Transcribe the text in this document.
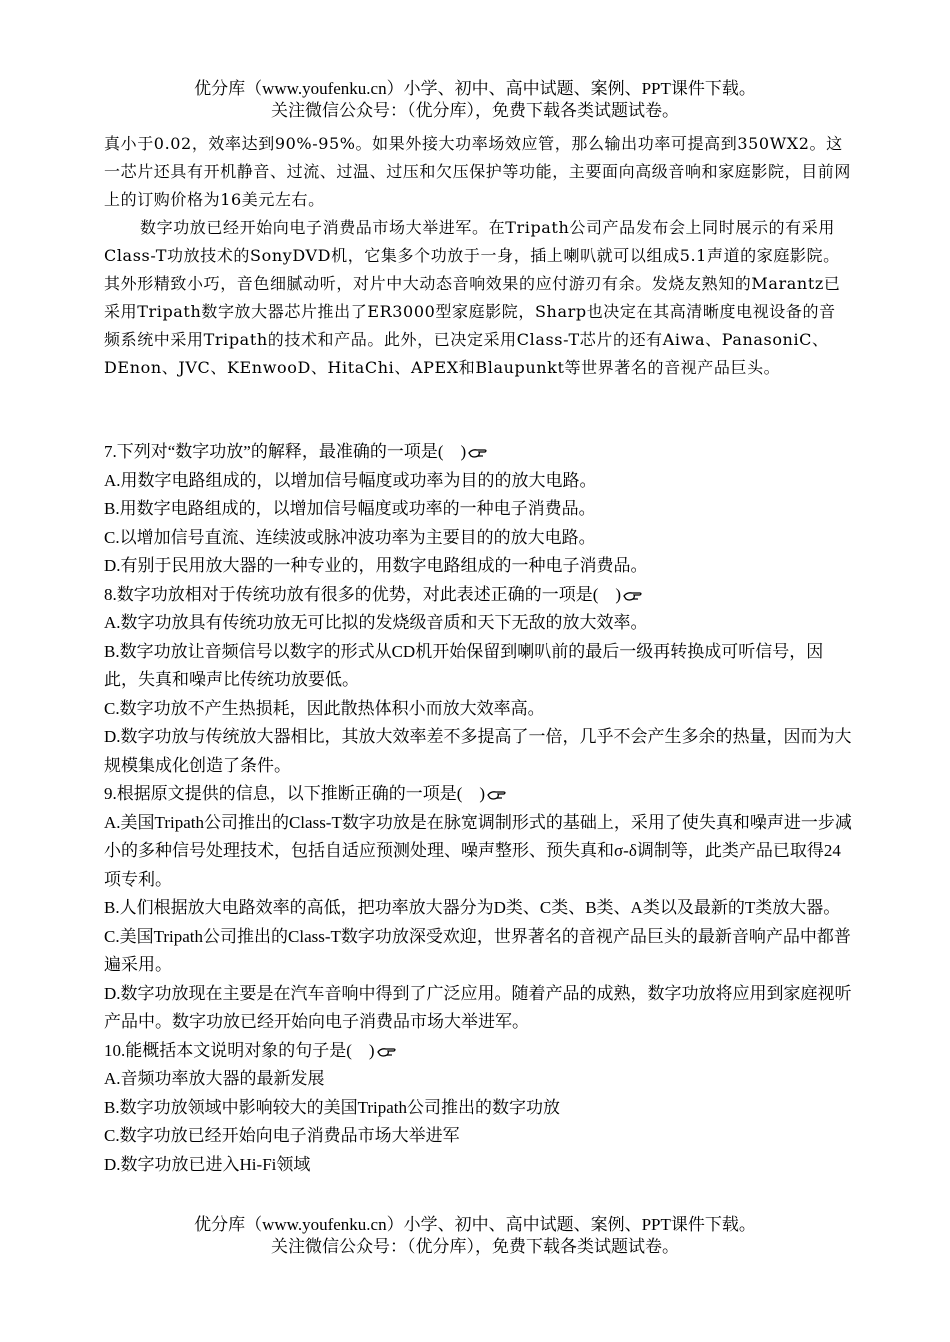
优分库（www.youfenku.cn）小学、初中、高中试题、案例、PPT课件下载。
关注微信公众号：（优分库），免费下载各类试题试卷。

真小于0.02，效率达到90%-95%。如果外接大功率场效应管，那么输出功率可提高到350WX2。这一芯片还具有开机静音、过流、过温、过压和欠压保护等功能，主要面向高级音响和家庭影院，目前网上的订购价格为16美元左右。

数字功放已经开始向电子消费品市场大举进军。在Tripath公司产品发布会上同时展示的有采用Class-T功放技术的SonyDVD机，它集多个功放于一身，插上喇叭就可以组成5.1声道的家庭影院。其外形精致小巧，音色细腻动听，对片中大动态音响效果的应付游刃有余。发烧友熟知的Marantz已采用Tripath数字放大器芯片推出了ER3000型家庭影院，Sharp也决定在其高清晰度电视设备的音频系统中采用Tripath的技术和产品。此外，已决定采用Class-T芯片的还有Aiwa、PanasoniC、DEnon、JVC、KEnwooD、HitaChi、APEX和Blaupunkt等世界著名的音视产品巨头。

7.下列对“数字功放”的解释，最准确的一项是(　)

A.用数字电路组成的，以增加信号幅度或功率为目的的放大电路。

B.用数字电路组成的，以增加信号幅度或功率的一种电子消费品。

C.以增加信号直流、连续波或脉冲波功率为主要目的的放大电路。

D.有别于民用放大器的一种专业的，用数字电路组成的一种电子消费品。

8.数字功放相对于传统功放有很多的优势，对此表述正确的一项是(　)

A.数字功放具有传统功放无可比拟的发烧级音质和天下无敌的放大效率。

B.数字功放让音频信号以数字的形式从CD机开始保留到喇叭前的最后一级再转换成可听信号，因此，失真和噪声比传统功放要低。

C.数字功放不产生热损耗，因此散热体积小而放大效率高。

D.数字功放与传统放大器相比，其放大效率差不多提高了一倍，几乎不会产生多余的热量，因而为大规模集成化创造了条件。

9.根据原文提供的信息，以下推断正确的一项是(　)

A.美国Tripath公司推出的Class-T数字功放是在脉宽调制形式的基础上，采用了使失真和噪声进一步减小的多种信号处理技术，包括自适应预测处理、噪声整形、预失真和σ-δ调制等，此类产品已取得24项专利。

B.人们根据放大电路效率的高低，把功率放大器分为D类、C类、B类、A类以及最新的T类放大器。

C.美国Tripath公司推出的Class-T数字功放深受欢迎，世界著名的音视产品巨头的最新音响产品中都普遍采用。

D.数字功放现在主要是在汽车音响中得到了广泛应用。随着产品的成熟，数字功放将应用到家庭视听产品中。数字功放已经开始向电子消费品市场大举进军。

10.能概括本文说明对象的句子是(　)

A.音频功率放大器的最新发展

B.数字功放领域中影响较大的美国Tripath公司推出的数字功放

C.数字功放已经开始向电子消费品市场大举进军

D.数字功放已进入Hi-Fi领域

优分库（www.youfenku.cn）小学、初中、高中试题、案例、PPT课件下载。
关注微信公众号：（优分库），免费下载各类试题试卷。
